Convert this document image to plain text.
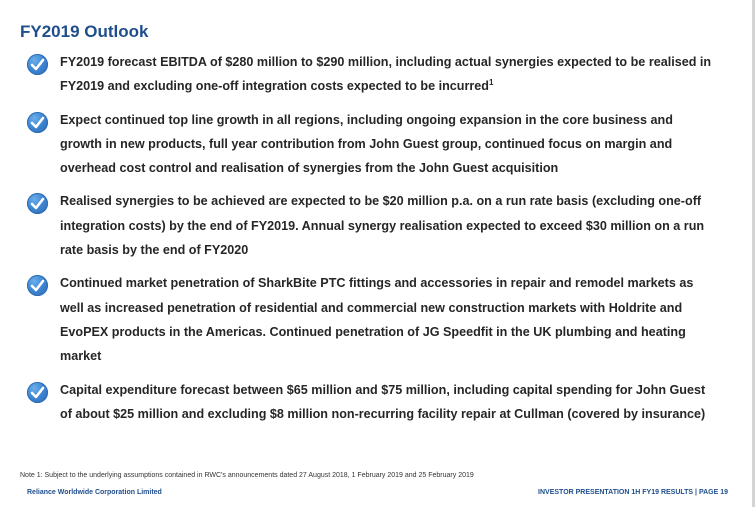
FY2019 Outlook
FY2019 forecast EBITDA of $280 million to $290 million, including actual synergies expected to be realised in FY2019 and excluding one-off integration costs expected to be incurred$^1$
Expect continued top line growth in all regions, including ongoing expansion in the core business and growth in new products, full year contribution from John Guest group, continued focus on margin and overhead cost control and realisation of synergies from the John Guest acquisition
Realised synergies to be achieved are expected to be $20 million p.a. on a run rate basis (excluding one-off integration costs) by the end of FY2019. Annual synergy realisation expected to exceed $30 million on a run rate basis by the end of FY2020
Continued market penetration of SharkBite PTC fittings and accessories in repair and remodel markets as well as increased penetration of residential and commercial new construction markets with Holdrite and EvoPEX products in the Americas. Continued penetration of JG Speedfit in the UK plumbing and heating market
Capital expenditure forecast between $65 million and $75 million, including capital spending for John Guest of about $25 million and excluding $8 million non-recurring facility repair at Cullman (covered by insurance)
Note 1: Subject to the underlying assumptions contained in RWC's announcements dated 27 August 2018, 1 February 2019 and 25 February 2019
Reliance Worldwide Corporation Limited	INVESTOR PRESENTATION 1H FY19 RESULTS | PAGE 19
